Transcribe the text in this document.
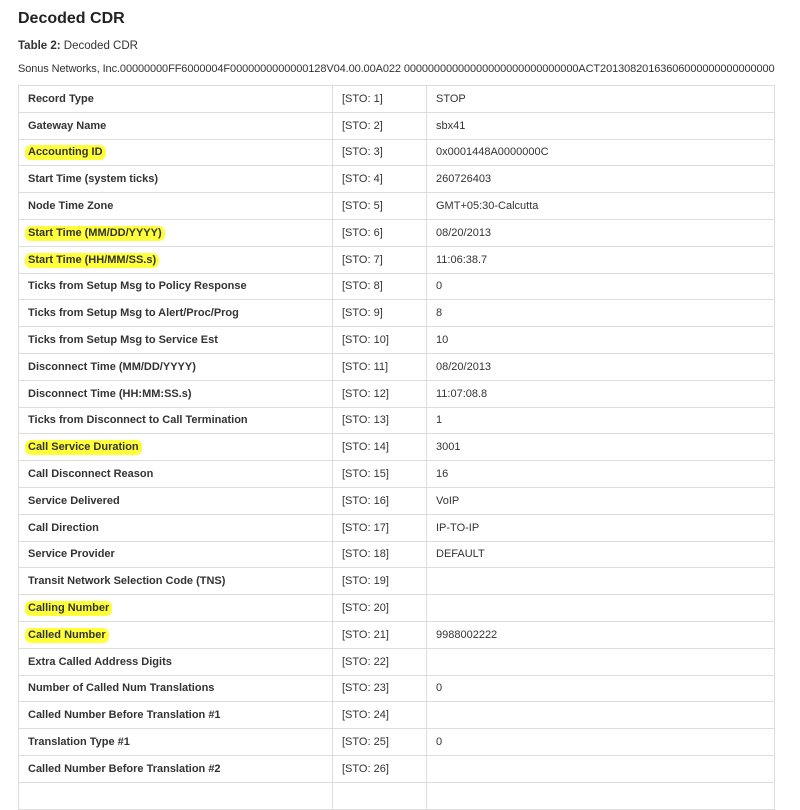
Decoded CDR
Table 2: Decoded CDR
Sonus Networks, Inc.00000000FF6000004F0000000000000128V04.00.00A022 00000000000000000000000000000ACT20130820163606000000000000000
Record Type	[STO: 1]	STOP
Gateway Name	[STO: 2]	sbx41
Accounting ID	[STO: 3]	0x0001448A0000000C
Start Time (system ticks)	[STO: 4]	260726403
Node Time Zone	[STO: 5]	GMT+05:30-Calcutta
Start Time (MM/DD/YYYY)	[STO: 6]	08/20/2013
Start Time (HH/MM/SS.s)	[STO: 7]	11:06:38.7
Ticks from Setup Msg to Policy Response	[STO: 8]	0
Ticks from Setup Msg to Alert/Proc/Prog	[STO: 9]	8
Ticks from Setup Msg to Service Est	[STO: 10]	10
Disconnect Time (MM/DD/YYYY)	[STO: 11]	08/20/2013
Disconnect Time (HH:MM:SS.s)	[STO: 12]	11:07:08.8
Ticks from Disconnect to Call Termination	[STO: 13]	1
Call Service Duration	[STO: 14]	3001
Call Disconnect Reason	[STO: 15]	16
Service Delivered	[STO: 16]	VoIP
Call Direction	[STO: 17]	IP-TO-IP
Service Provider	[STO: 18]	DEFAULT
Transit Network Selection Code (TNS)	[STO: 19]	
Calling Number	[STO: 20]	
Called Number	[STO: 21]	9988002222
Extra Called Address Digits	[STO: 22]	
Number of Called Num Translations	[STO: 23]	0
Called Number Before Translation #1	[STO: 24]	
Translation Type #1	[STO: 25]	0
Called Number Before Translation #2	[STO: 26]	
